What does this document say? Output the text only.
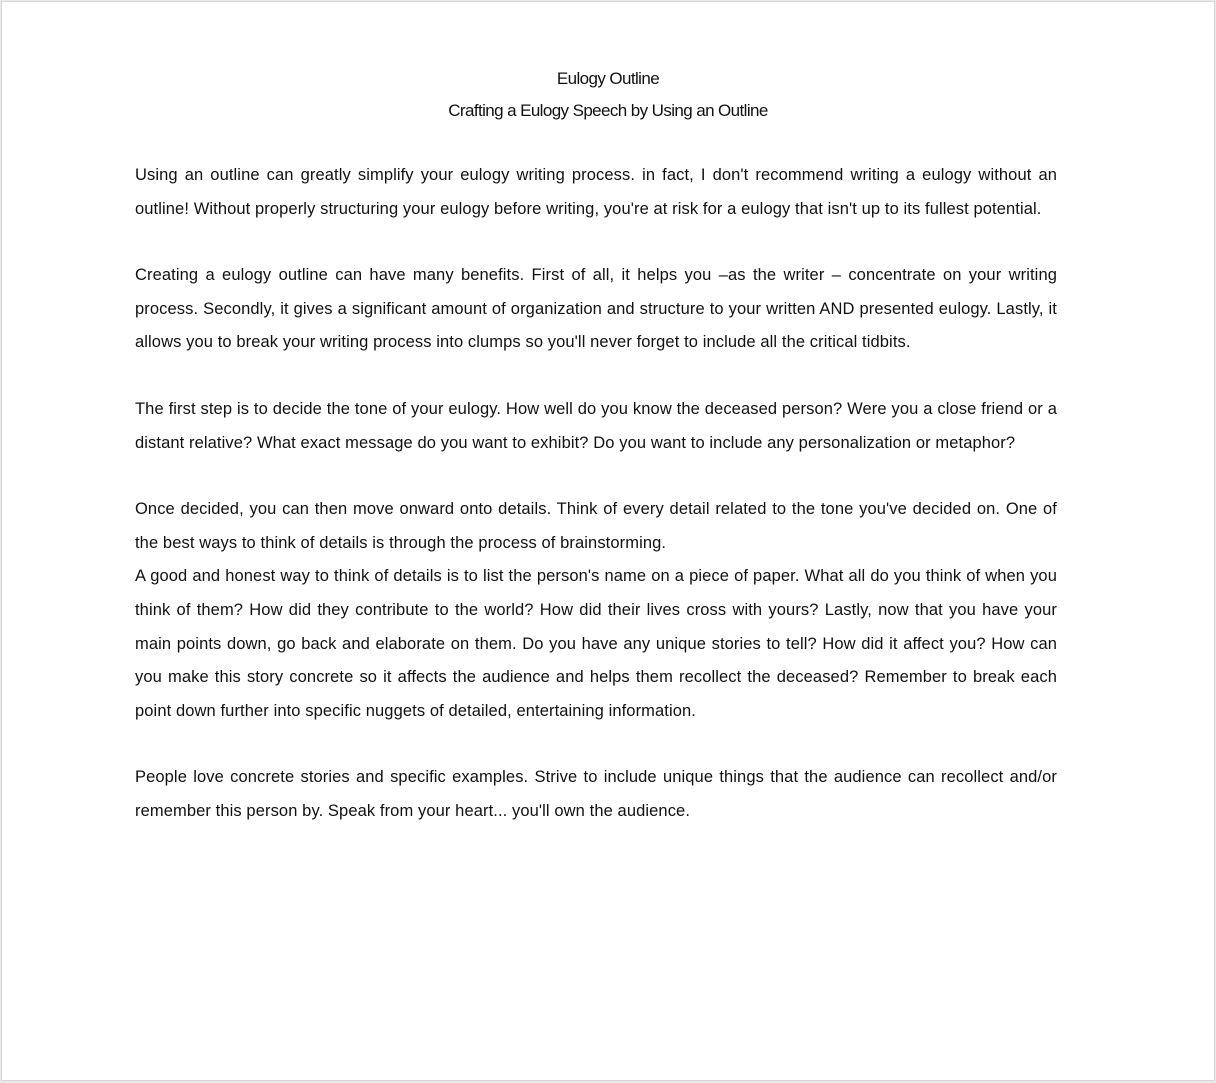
Eulogy Outline
Crafting a Eulogy Speech by Using an Outline

Using an outline can greatly simplify your eulogy writing process. in fact, I don't recommend writing a eulogy without an outline! Without properly structuring your eulogy before writing, you're at risk for a eulogy that isn't up to its fullest potential.

Creating a eulogy outline can have many benefits. First of all, it helps you –as the writer – concentrate on your writing process. Secondly, it gives a significant amount of organization and structure to your written AND presented eulogy. Lastly, it allows you to break your writing process into clumps so you'll never forget to include all the critical tidbits.

The first step is to decide the tone of your eulogy. How well do you know the deceased person? Were you a close friend or a distant relative? What exact message do you want to exhibit? Do you want to include any personalization or metaphor?

Once decided, you can then move onward onto details. Think of every detail related to the tone you've decided on. One of the best ways to think of details is through the process of brainstorming.

A good and honest way to think of details is to list the person's name on a piece of paper. What all do you think of when you think of them? How did they contribute to the world? How did their lives cross with yours? Lastly, now that you have your main points down, go back and elaborate on them. Do you have any unique stories to tell? How did it affect you? How can you make this story concrete so it affects the audience and helps them recollect the deceased? Remember to break each point down further into specific nuggets of detailed, entertaining information.

People love concrete stories and specific examples. Strive to include unique things that the audience can recollect and/or remember this person by. Speak from your heart... you'll own the audience.
